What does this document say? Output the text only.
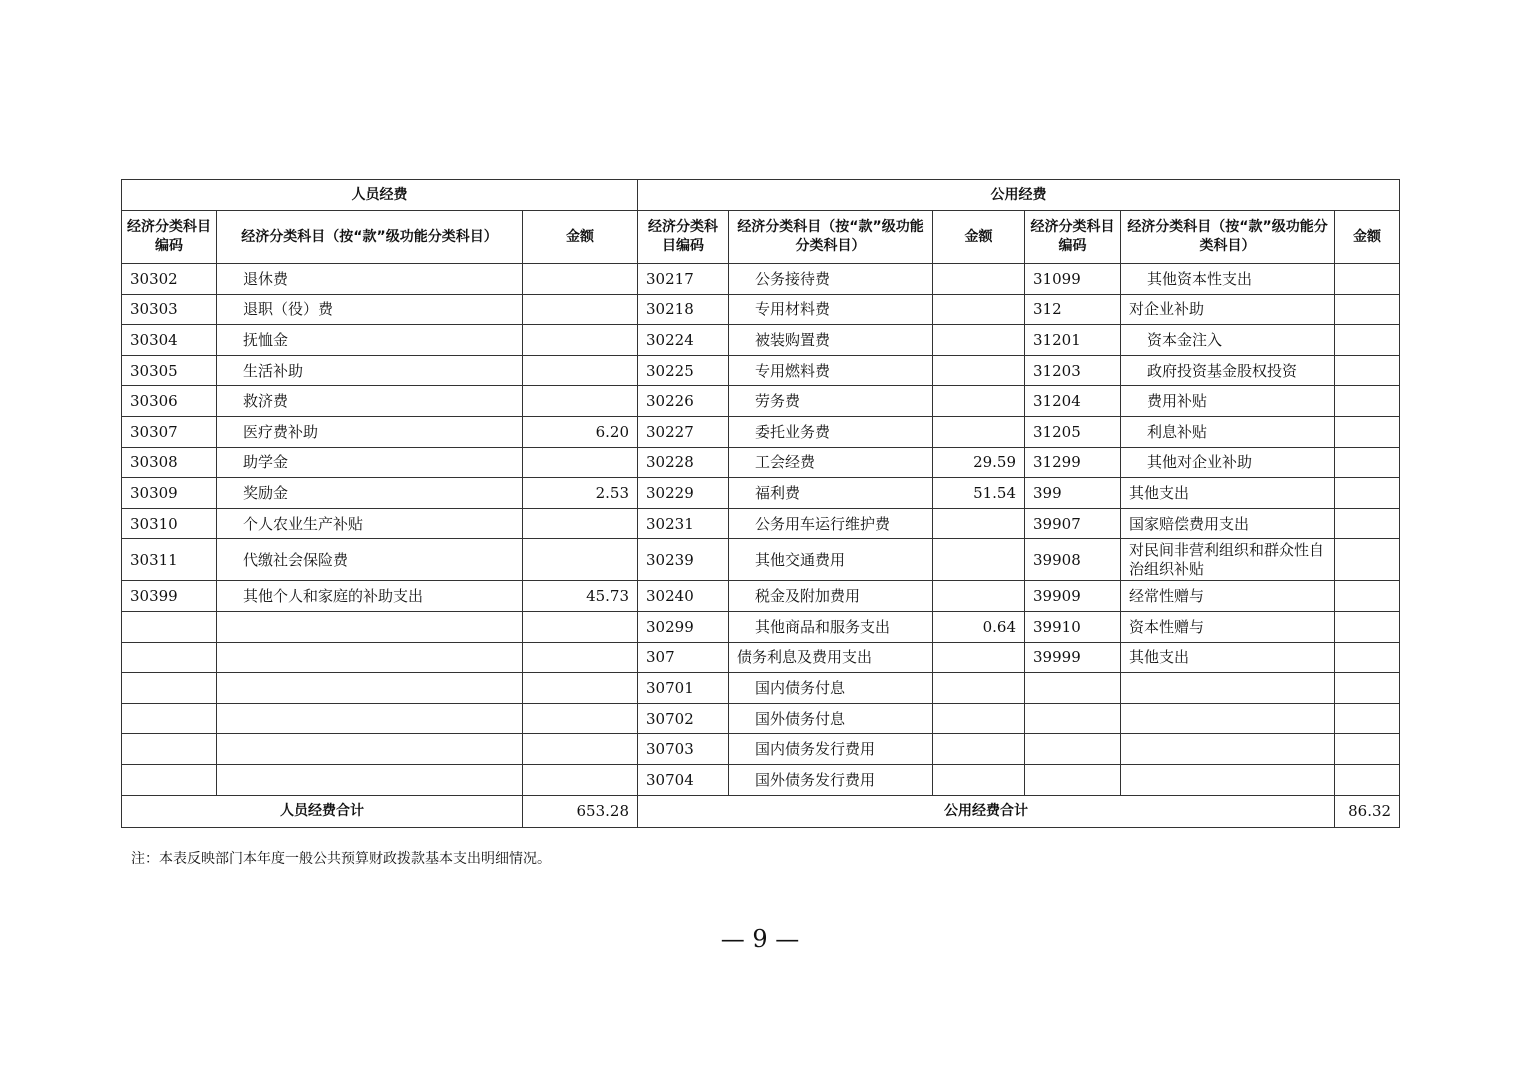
人员经费			公用经费					
经济分类科目编码	经济分类科目（按“款”级功能分类科目）	金额	经济分类科目编码	经济分类科目（按“款”级功能分类科目）	金额	经济分类科目编码	经济分类科目（按“款”级功能分类科目）	金额
30302	退休费		30217	公务接待费		31099	其他资本性支出	
30303	退职（役）费		30218	专用材料费		312	对企业补助	
30304	抚恤金		30224	被装购置费		31201	资本金注入	
30305	生活补助		30225	专用燃料费		31203	政府投资基金股权投资	
30306	救济费		30226	劳务费		31204	费用补贴	
30307	医疗费补助	6.20	30227	委托业务费		31205	利息补贴	
30308	助学金		30228	工会经费	29.59	31299	其他对企业补助	
30309	奖励金	2.53	30229	福利费	51.54	399	其他支出	
30310	个人农业生产补贴		30231	公务用车运行维护费		39907	国家赔偿费用支出	
30311	代缴社会保险费		30239	其他交通费用		39908	对民间非营利组织和群众性自治组织补贴	
30399	其他个人和家庭的补助支出	45.73	30240	税金及附加费用		39909	经常性赠与	
			30299	其他商品和服务支出	0.64	39910	资本性赠与	
			307	债务利息及费用支出		39999	其他支出	
			30701	国内债务付息				
			30702	国外债务付息				
			30703	国内债务发行费用				
			30704	国外债务发行费用				
人员经费合计		653.28	公用经费合计					86.32
注：本表反映部门本年度一般公共预算财政拨款基本支出明细情况。
— 9 —
